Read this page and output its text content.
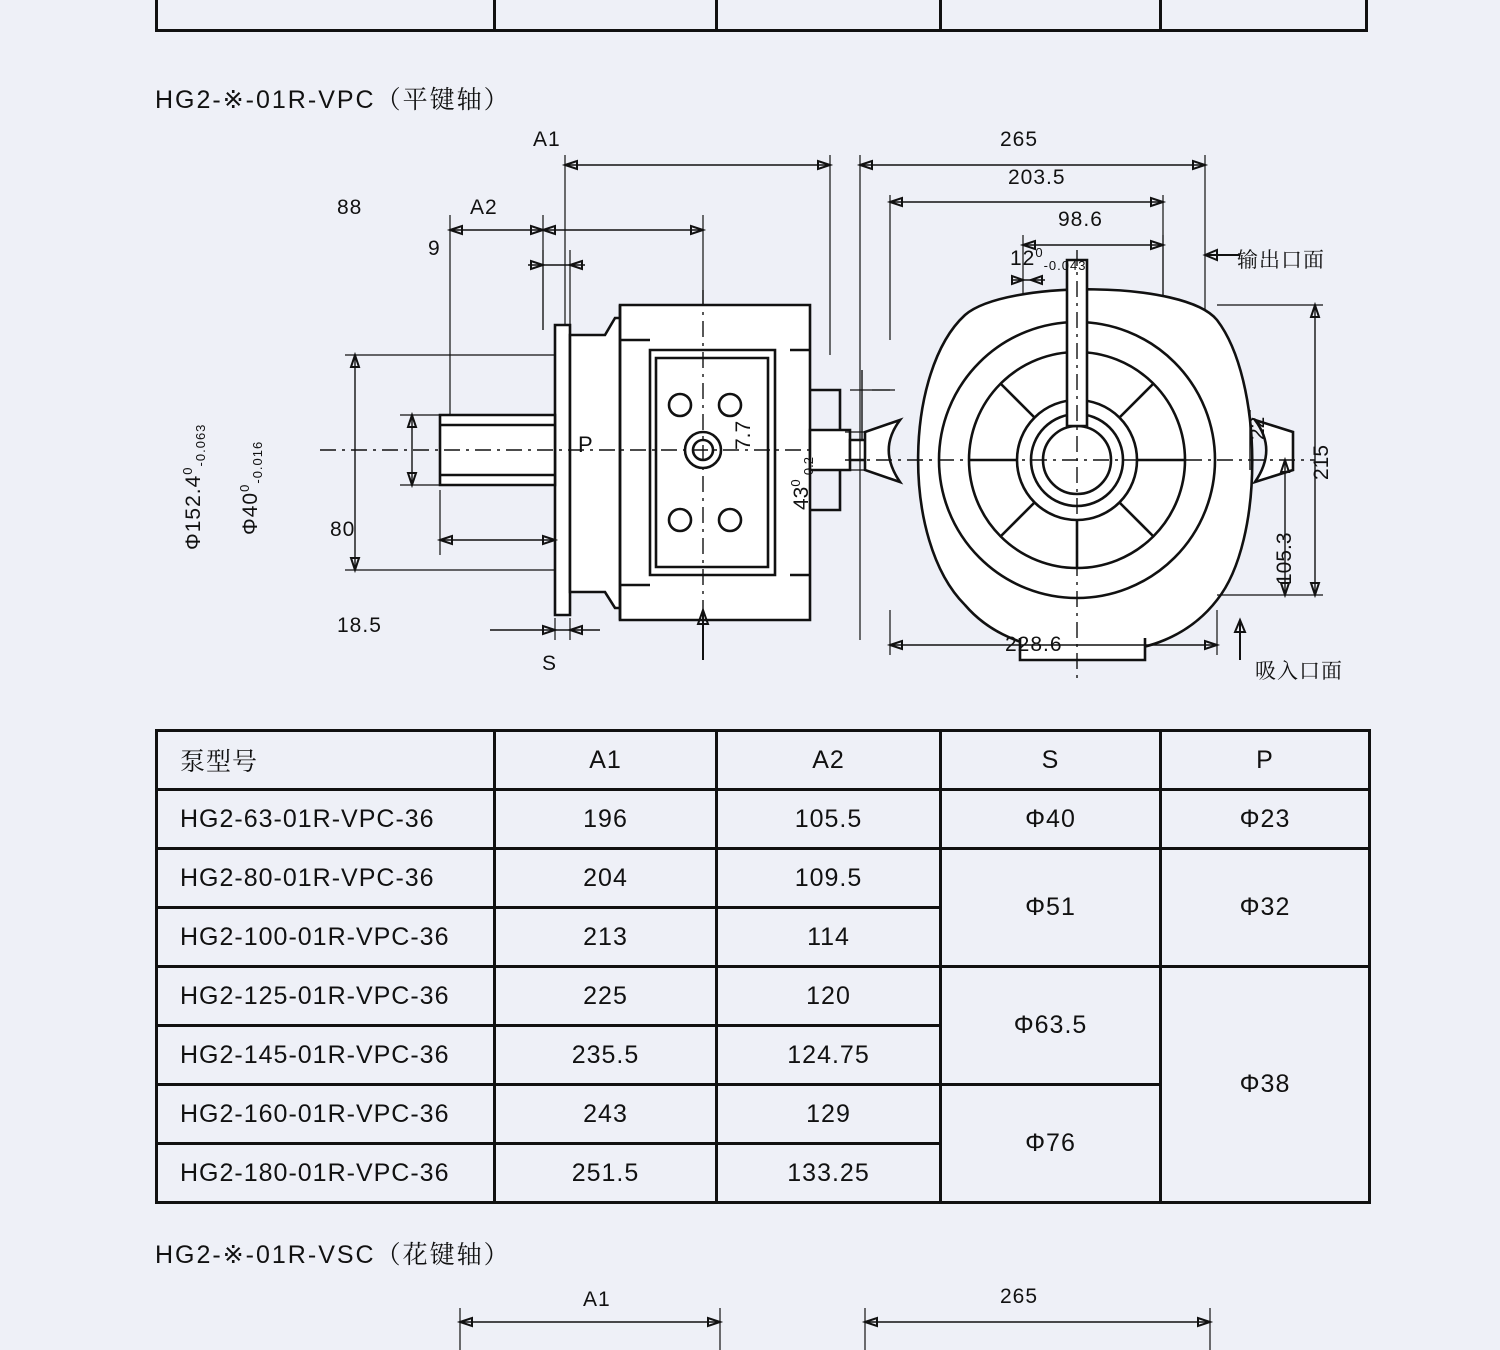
HG2-※-01R-VPC（平键轴）
A1
A2
88
9
80
18.5
P
S
$\Phi 152.4^0_{-0.063}$
$\Phi 40^0_{-0.016}$
7.7
265
203.5
98.6
$12^0_{-0.043}$
228.6
输出口面
吸入口面
215
22
105.3
$43^0_{-0.2}$
泵型号	A1	A2	S	P
HG2-63-01R-VPC-36	196	105.5	Φ40	Φ23
HG2-80-01R-VPC-36	204	109.5	Φ51	Φ32
HG2-100-01R-VPC-36	213	114		
HG2-125-01R-VPC-36	225	120	Φ63.5	Φ38
HG2-145-01R-VPC-36	235.5	124.75		
HG2-160-01R-VPC-36	243	129	Φ76	
HG2-180-01R-VPC-36	251.5	133.25		
HG2-※-01R-VSC（花键轴）
A1	265
